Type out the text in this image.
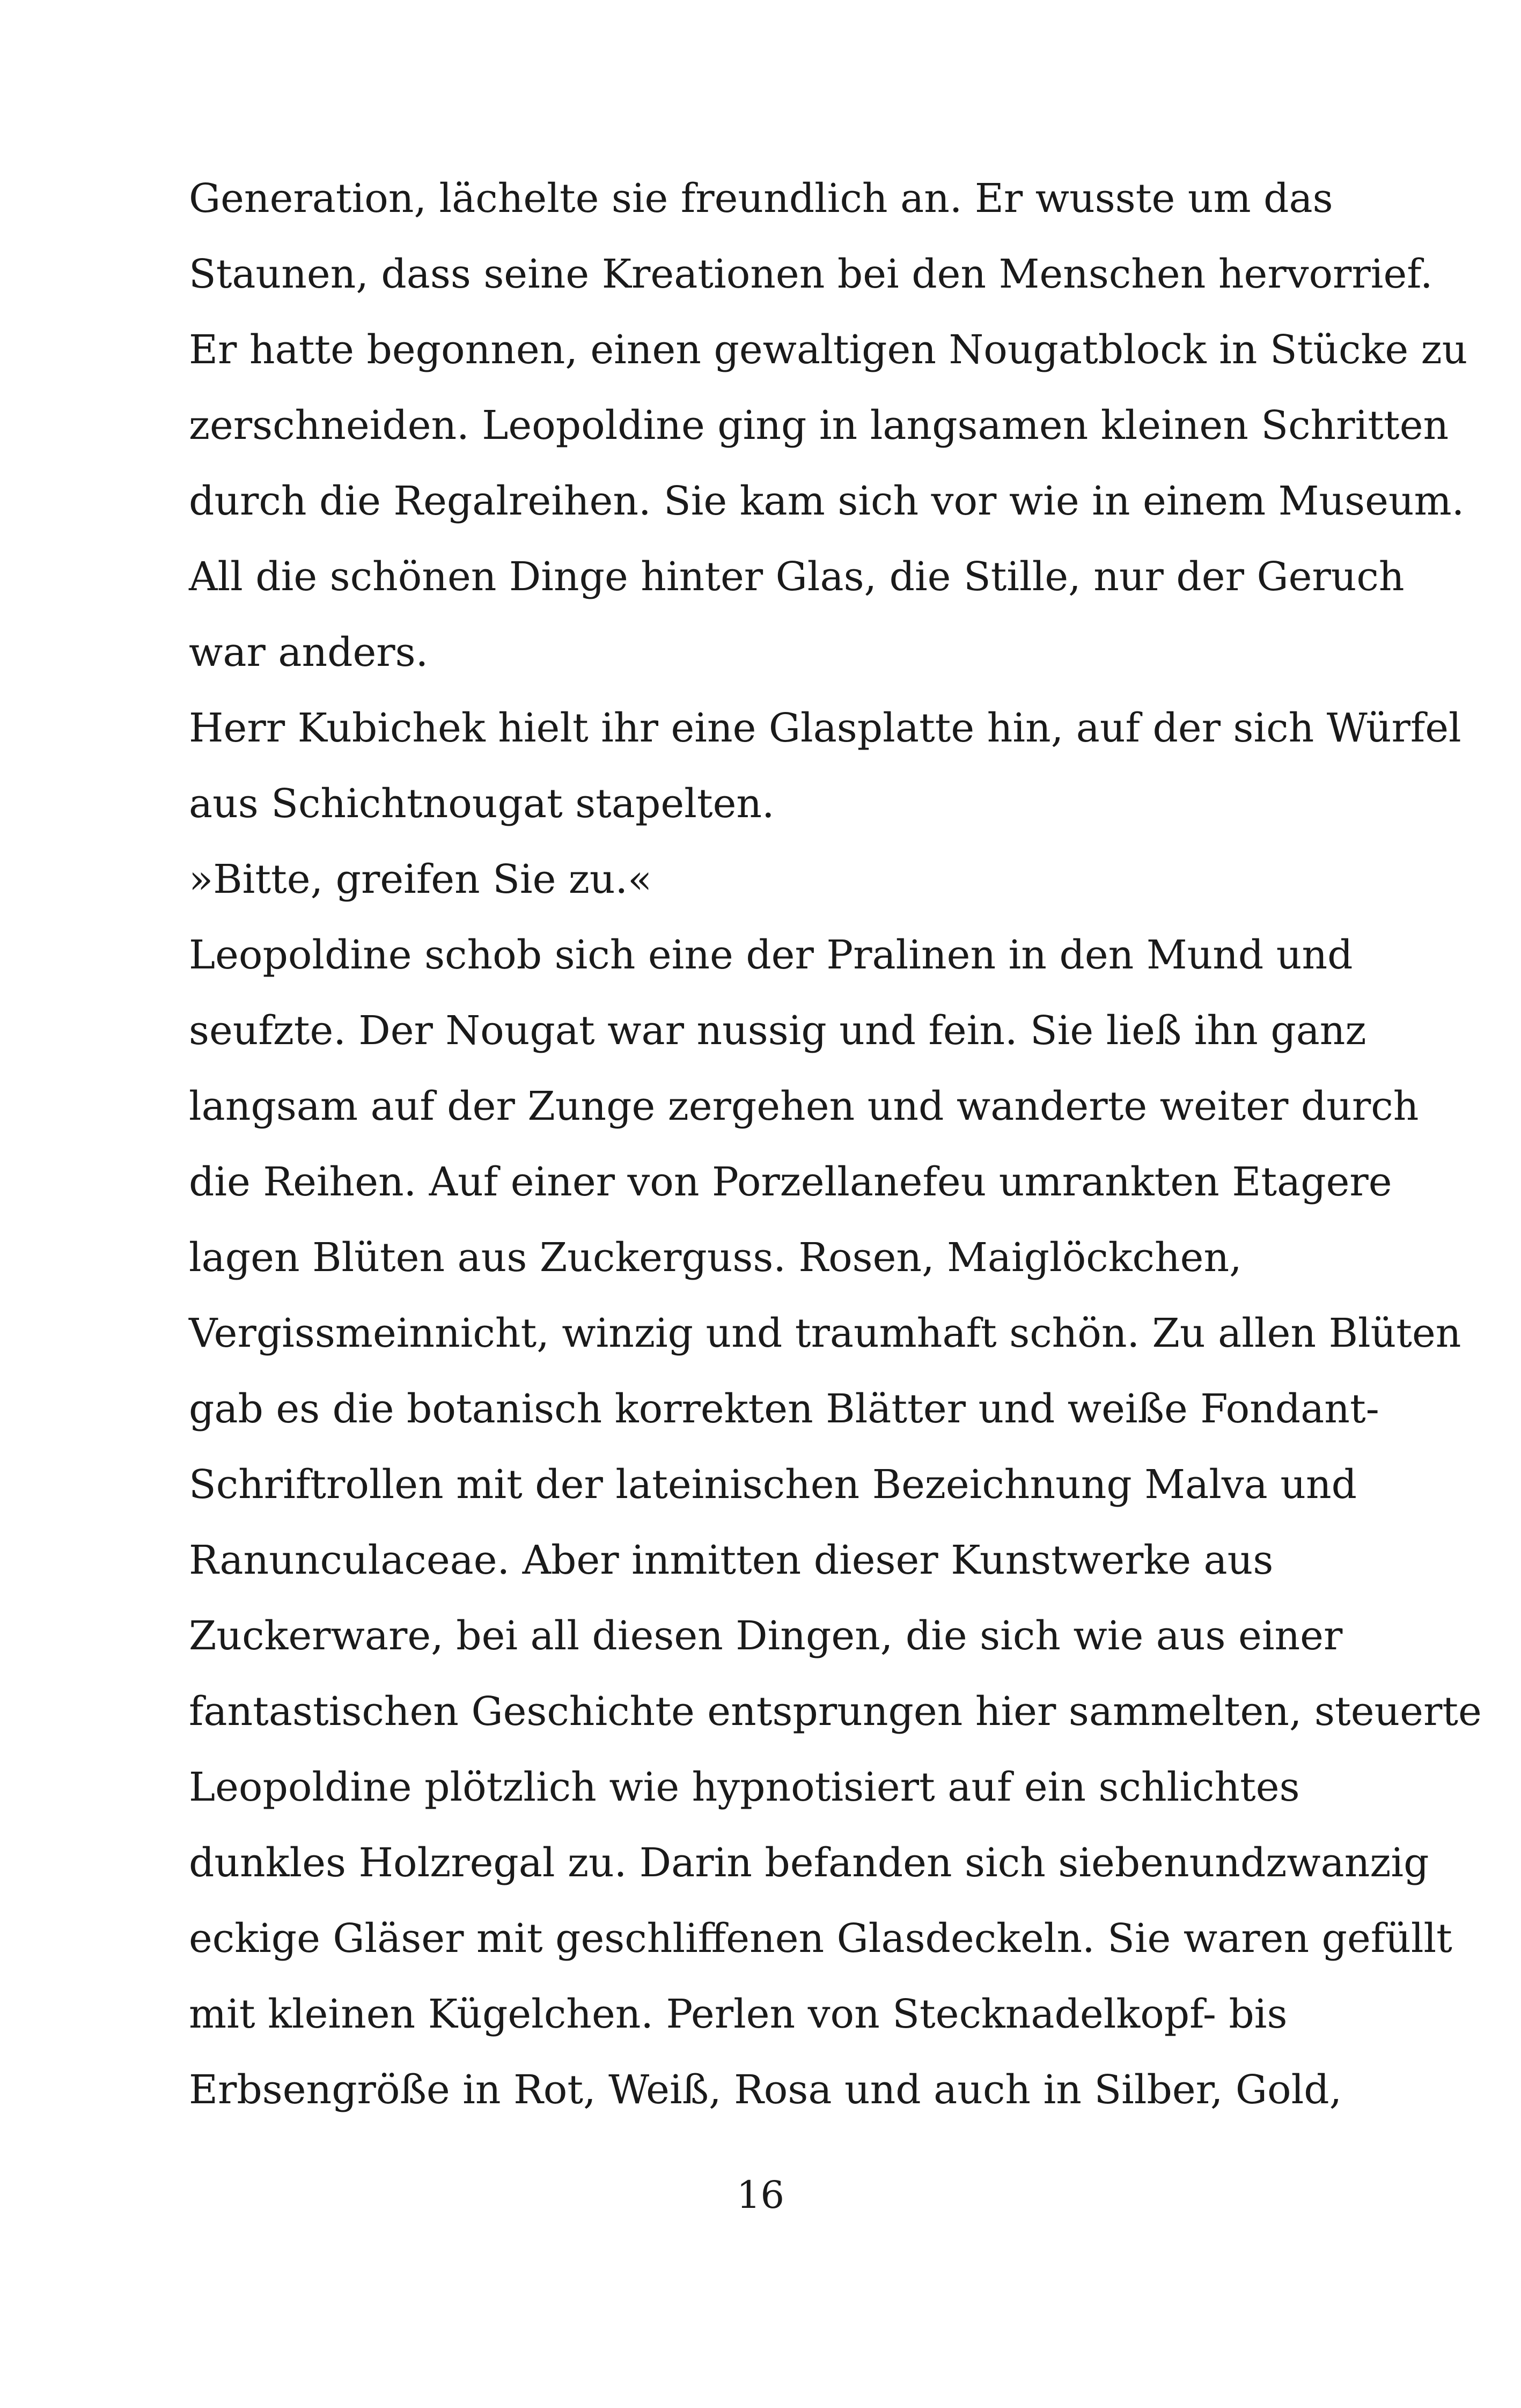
Generation, lächelte sie freundlich an. Er wusste um das
Staunen, dass seine Kreationen bei den Menschen hervorrief.
Er hatte begonnen, einen gewaltigen Nougatblock in Stücke zu
zerschneiden. Leopoldine ging in langsamen kleinen Schritten
durch die Regalreihen. Sie kam sich vor wie in einem Museum.
All die schönen Dinge hinter Glas, die Stille, nur der Geruch
war anders.
Herr Kubichek hielt ihr eine Glasplatte hin, auf der sich Würfel
aus Schichtnougat stapelten.
»Bitte, greifen Sie zu.«
Leopoldine schob sich eine der Pralinen in den Mund und
seufzte. Der Nougat war nussig und fein. Sie ließ ihn ganz
langsam auf der Zunge zergehen und wanderte weiter durch
die Reihen. Auf einer von Porzellanefeu umrankten Etagere
lagen Blüten aus Zuckerguss. Rosen, Maiglöckchen,
Vergissmeinnicht, winzig und traumhaft schön. Zu allen Blüten
gab es die botanisch korrekten Blätter und weiße Fondant-
Schriftrollen mit der lateinischen Bezeichnung Malva und
Ranunculaceae. Aber inmitten dieser Kunstwerke aus
Zuckerware, bei all diesen Dingen, die sich wie aus einer
fantastischen Geschichte entsprungen hier sammelten, steuerte
Leopoldine plötzlich wie hypnotisiert auf ein schlichtes
dunkles Holzregal zu. Darin befanden sich siebenundzwanzig
eckige Gläser mit geschliffenen Glasdeckeln. Sie waren gefüllt
mit kleinen Kügelchen. Perlen von Stecknadelkopf- bis
Erbsengröße in Rot, Weiß, Rosa und auch in Silber, Gold,
16
